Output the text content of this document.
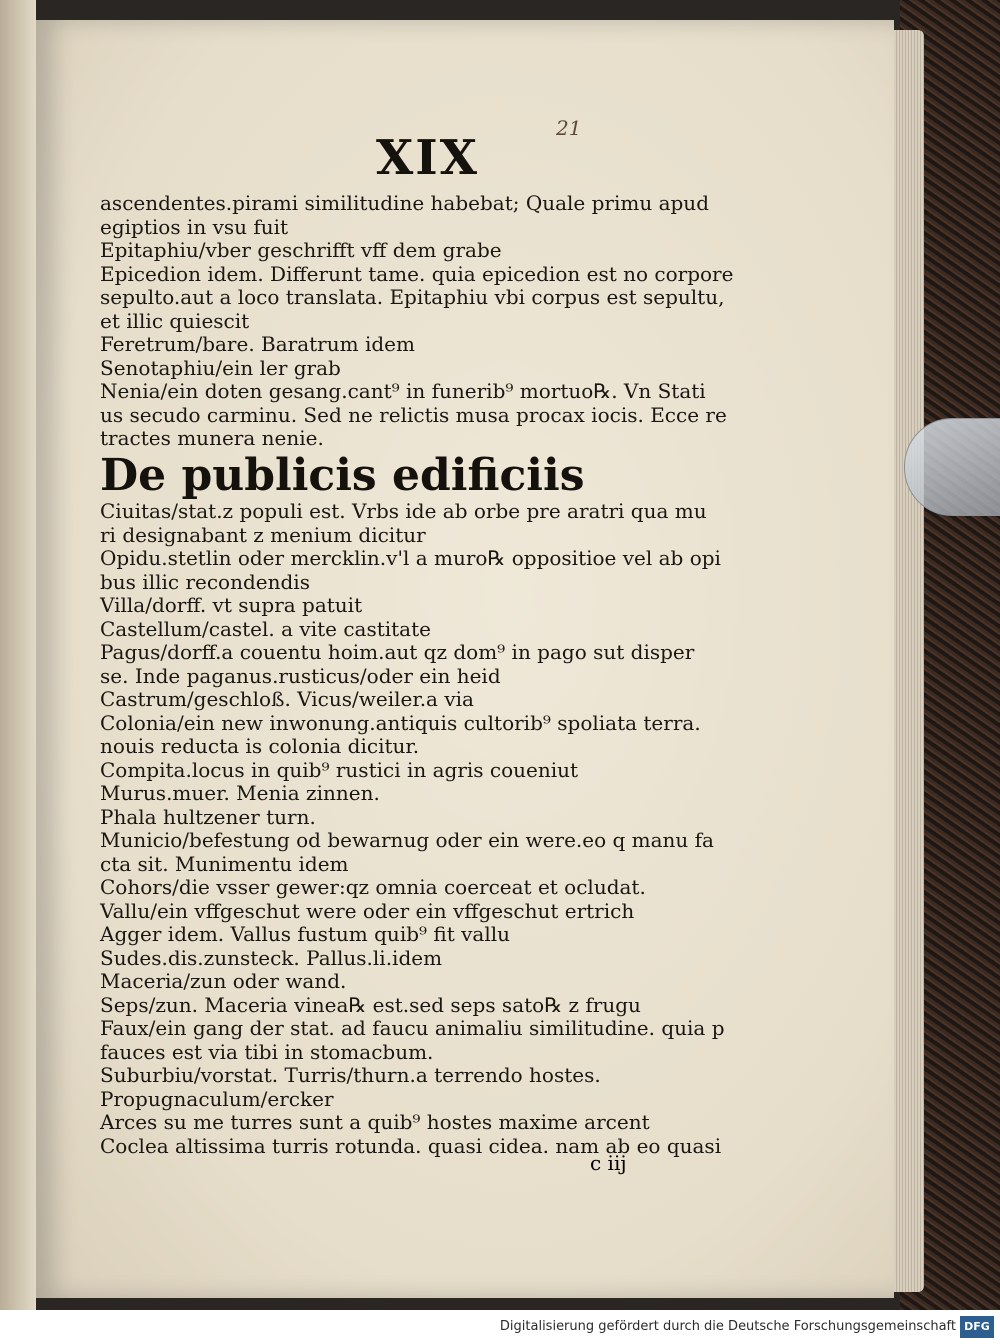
21
XIX
ascendentes.pirami similitudine habebat; Quale primu apud
egiptios in vsu fuit
Epitaphiu/vber geschrifft vff dem grabe
Epicedion idem. Differunt tame. quia epicedion est no corpore
sepulto.aut a loco translata. Epitaphiu vbi corpus est sepultu,
et illic quiescit
Feretrum/bare. Baratrum idem
Senotaphiu/ein ler grab
Nenia/ein doten gesang.cant⁹ in funerib⁹ mortuo℞. Vn Stati
us secudo carminu. Sed ne relictis musa procax iocis. Ecce re
tractes munera nenie.
De publicis edificiis
Ciuitas/stat.z populi est. Vrbs ide ab orbe pre aratri qua mu
ri designabant z menium dicitur
Opidu.stetlin oder mercklin.v'l a muro℞ oppositioe vel ab opi
bus illic recondendis
Villa/dorff. vt supra patuit
Castellum/castel. a vite castitate
Pagus/dorff.a couentu hoim.aut qz dom⁹ in pago sut disper
se. Inde paganus.rusticus/oder ein heid
Castrum/geschloß. Vicus/weiler.a via
Colonia/ein new inwonung.antiquis cultorib⁹ spoliata terra.
nouis reducta is colonia dicitur.
Compita.locus in quib⁹ rustici in agris coueniut
Murus.muer. Menia zinnen.
Phala hultzener turn.
Municio/befestung od bewarnug oder ein were.eo q manu fa
cta sit. Munimentu idem
Cohors/die vsser gewer:qz omnia coerceat et ocludat.
Vallu/ein vffgeschut were oder ein vffgeschut ertrich
Agger idem. Vallus fustum quib⁹ fit vallu
Sudes.dis.zunsteck. Pallus.li.idem
Maceria/zun oder wand.
Seps/zun. Maceria vinea℞ est.sed seps sato℞ z frugu
Faux/ein gang der stat. ad faucu animaliu similitudine. quia p
fauces est via tibi in stomacbum.
Suburbiu/vorstat. Turris/thurn.a terrendo hostes.
Propugnaculum/ercker
Arces su me turres sunt a quib⁹ hostes maxime arcent
Coclea altissima turris rotunda. quasi cidea. nam ab eo quasi
c iij
Digitalisierung gefördert durch die Deutsche Forschungsgemeinschaft DFG
